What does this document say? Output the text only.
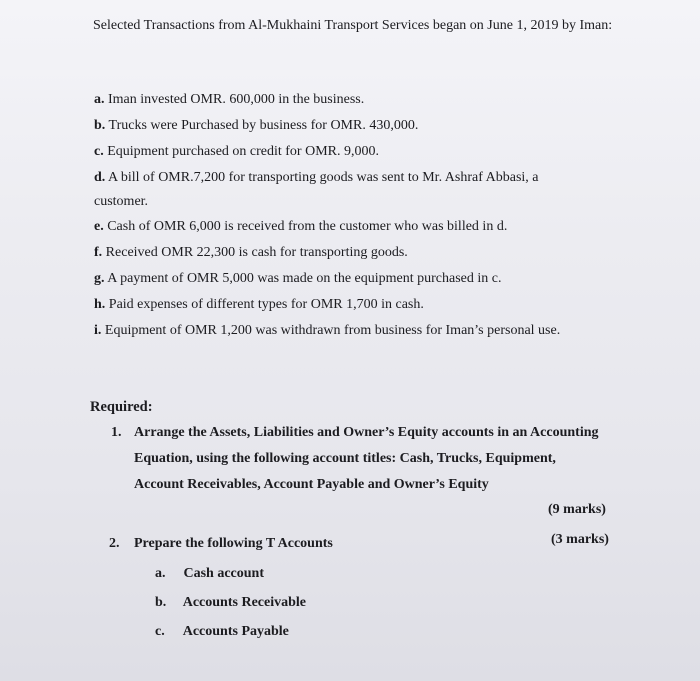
Selected Transactions from Al-Mukhaini Transport Services began on June 1, 2019 by Iman:
a. Iman invested OMR. 600,000 in the business.
b. Trucks were Purchased by business for OMR. 430,000.
c. Equipment purchased on credit for OMR. 9,000.
d. A bill of OMR.7,200 for transporting goods was sent to Mr. Ashraf Abbasi, a customer.
e. Cash of OMR 6,000 is received from the customer who was billed in d.
f. Received OMR 22,300 is cash for transporting goods.
g. A payment of OMR 5,000 was made on the equipment purchased in c.
h. Paid expenses of different types for OMR 1,700 in cash.
i. Equipment of OMR 1,200 was withdrawn from business for Iman’s personal use.
Required:
1. Arrange the Assets, Liabilities and Owner’s Equity accounts in an Accounting Equation, using the following account titles: Cash, Trucks, Equipment, Account Receivables, Account Payable and Owner’s Equity
(9 marks)
2. Prepare the following T Accounts	(3 marks)
a. Cash account
b. Accounts Receivable
c. Accounts Payable
